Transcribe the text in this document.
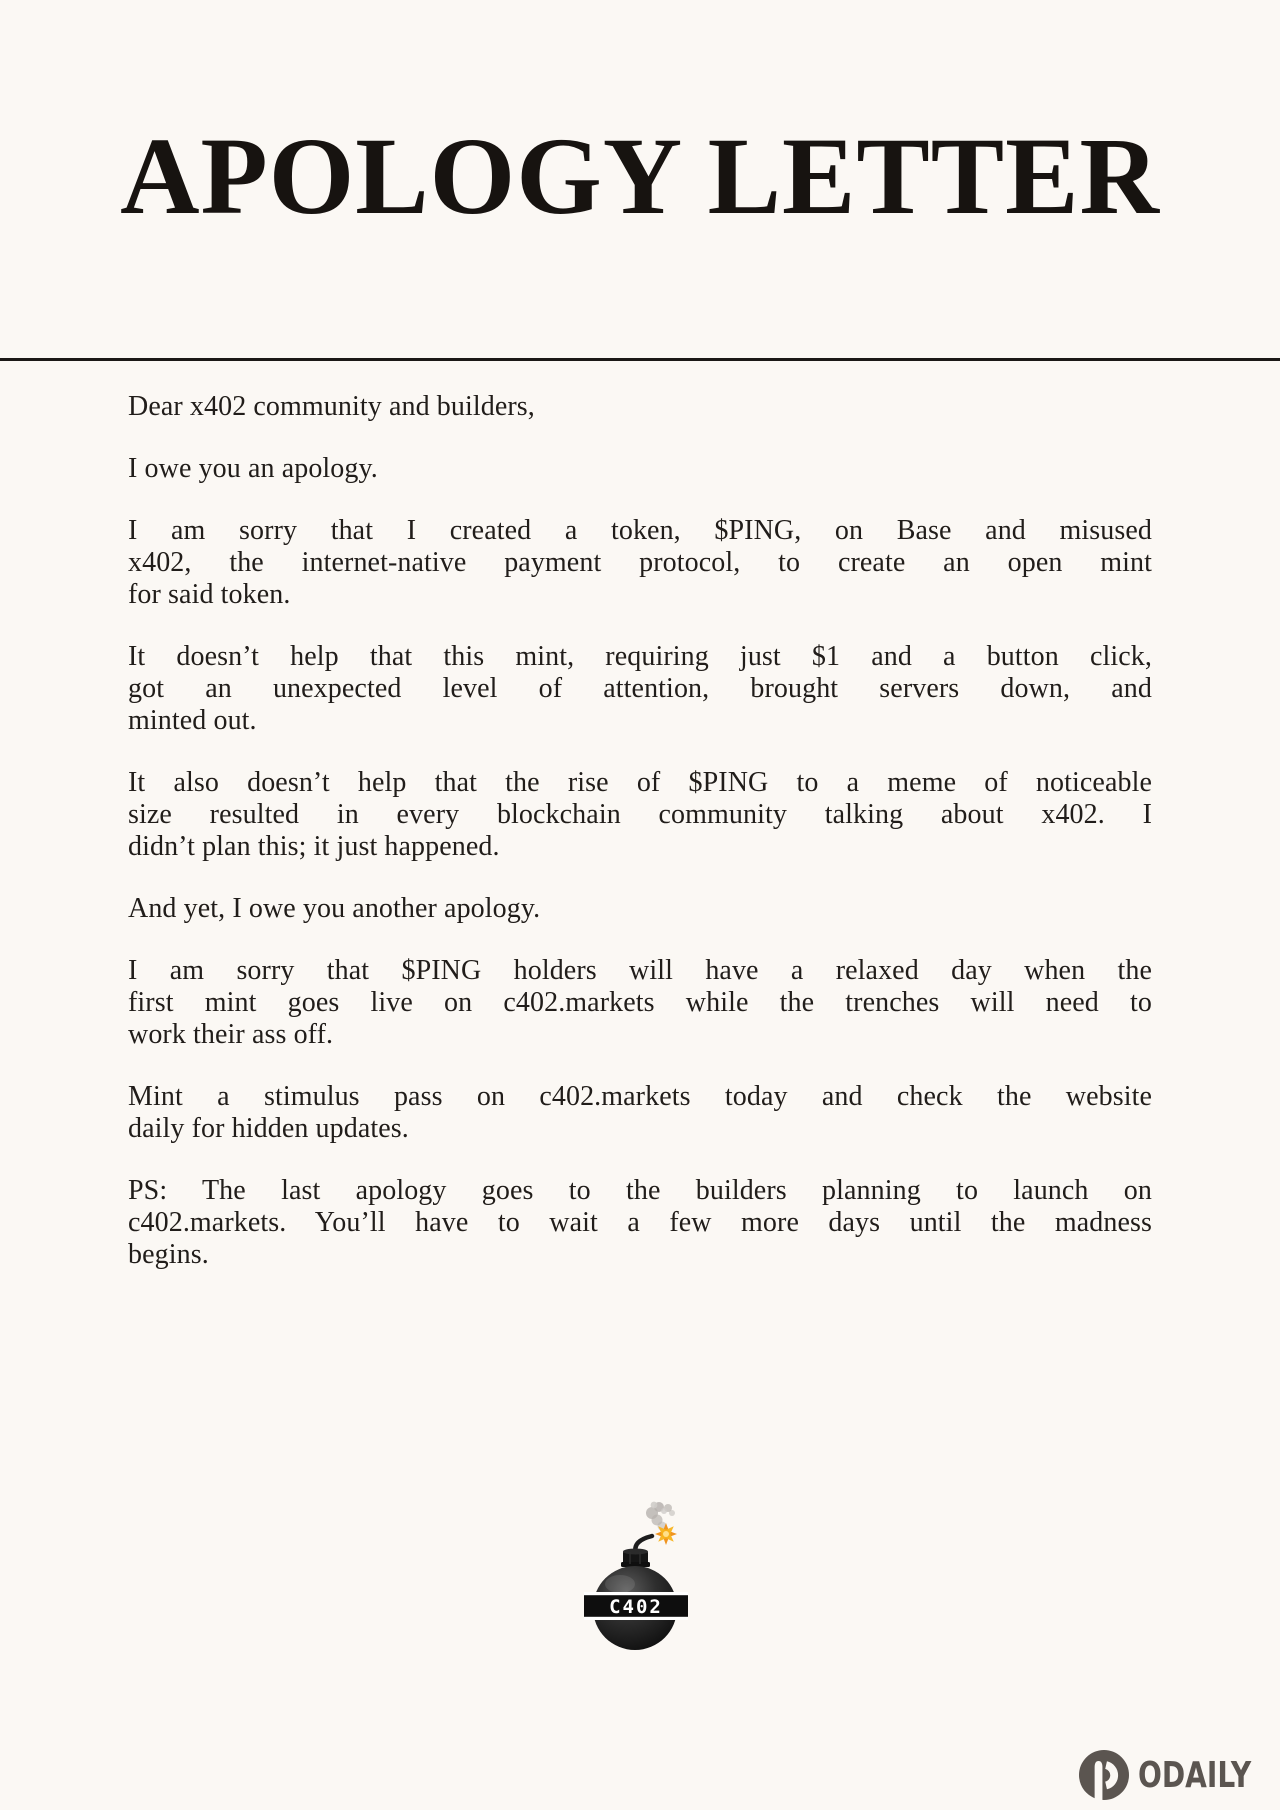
APOLOGY LETTER
Dear x402 community and builders,
I owe you an apology.
I am sorry that I created a token, $PING, on Base and misused
x402, the internet-native payment protocol, to create an open mint
for said token.
It doesn’t help that this mint, requiring just $1 and a button click,
got an unexpected level of attention, brought servers down, and
minted out.
It also doesn’t help that the rise of $PING to a meme of noticeable
size resulted in every blockchain community talking about x402. I
didn’t plan this; it just happened.
And yet, I owe you another apology.
I am sorry that $PING holders will have a relaxed day when the
first mint goes live on c402.markets while the trenches will need to
work their ass off.
Mint a stimulus pass on c402.markets today and check the website
daily for hidden updates.
PS: The last apology goes to the builders planning to launch on
c402.markets. You’ll have to wait a few more days until the madness
begins.
C402
ODAILY
